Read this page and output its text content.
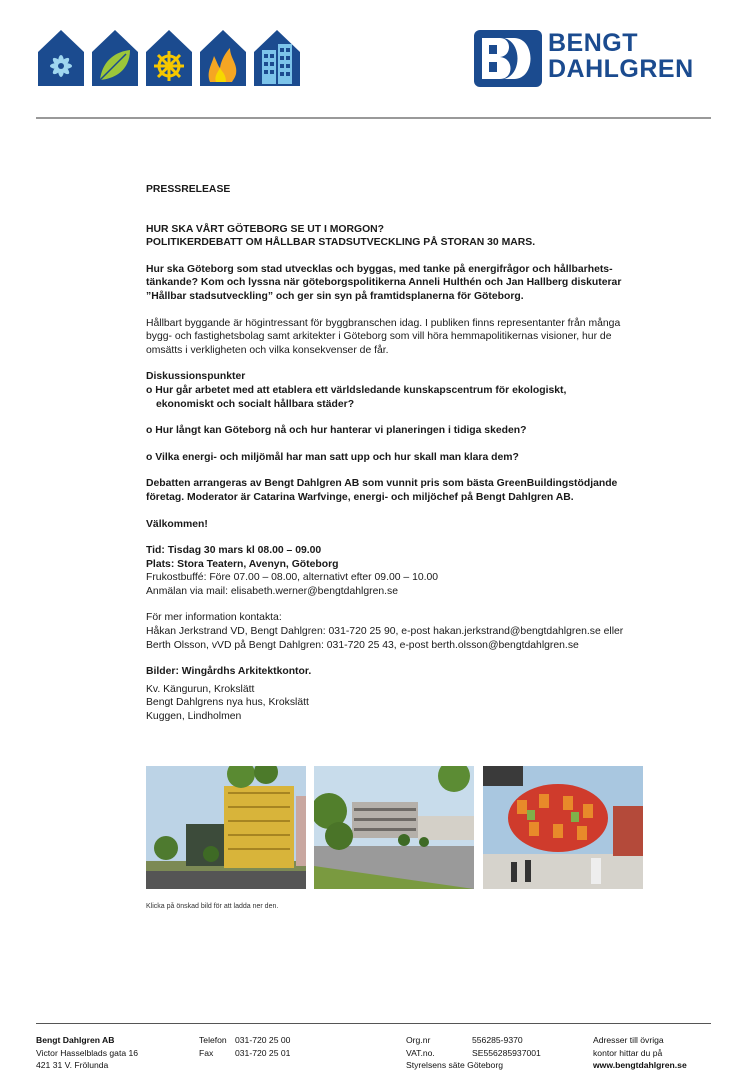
BENGT
DAHLGREN

PRESSRELEASE

HUR SKA VÅRT GÖTEBORG SE UT I MORGON?

POLITIKERDEBATT OM HÅLLBAR STADSUTVECKLING PÅ STORAN 30 MARS.

Hur ska Göteborg som stad utvecklas och byggas, med tanke på energifrågor och hållbarhets-

tänkande? Kom och lyssna när göteborgspolitikerna Anneli Hulthén och Jan Hallberg diskuterar

”Hållbar stadsutveckling” och ger sin syn på framtidsplanerna för Göteborg.

Hållbart byggande är högintressant för byggbranschen idag. I publiken finns representanter från många

bygg- och fastighetsbolag samt arkitekter i Göteborg som vill höra hemmapolitikernas visioner, hur de

omsätts i verkligheten och vilka konsekvenser de får.

Diskussionspunkter

o Hur går arbetet med att etablera ett världsledande kunskapscentrum för ekologiskt,

ekonomiskt och socialt hållbara städer?

o Hur långt kan Göteborg nå och hur hanterar vi planeringen i tidiga skeden?

o Vilka energi- och miljömål har man satt upp och hur skall man klara dem?

Debatten arrangeras av Bengt Dahlgren AB som vunnit pris som bästa GreenBuildingstödjande

företag. Moderator är Catarina Warfvinge, energi- och miljöchef på Bengt Dahlgren AB.

Välkommen!

Tid: Tisdag 30 mars kl 08.00 – 09.00

Plats: Stora Teatern, Avenyn, Göteborg

Frukostbuffé: Före 07.00 – 08.00, alternativt efter 09.00 – 10.00

Anmälan via mail: elisabeth.werner@bengtdahlgren.se

För mer information kontakta:

Håkan Jerkstrand VD, Bengt Dahlgren: 031-720 25 90, e-post hakan.jerkstrand@bengtdahlgren.se eller

Berth Olsson, vVD på Bengt Dahlgren: 031-720 25 43, e-post berth.olsson@bengtdahlgren.se

Bilder: Wingårdhs Arkitektkontor.

Kv. Kängurun, Krokslätt

Bengt Dahlgrens nya hus, Krokslätt

Kuggen, Lindholmen

Klicka på önskad bild för att ladda ner den.
Bengt Dahlgren AB
Victor Hasselblads gata 16
421 31 V. Frölunda
Telefon
Fax
031-720 25 00
031-720 25 01
Org.nr
VAT.no.
Styrelsens säte Göteborg
556285-9370
SE556285937001
Adresser till övriga
kontor hittar du på
www.bengtdahlgren.se
